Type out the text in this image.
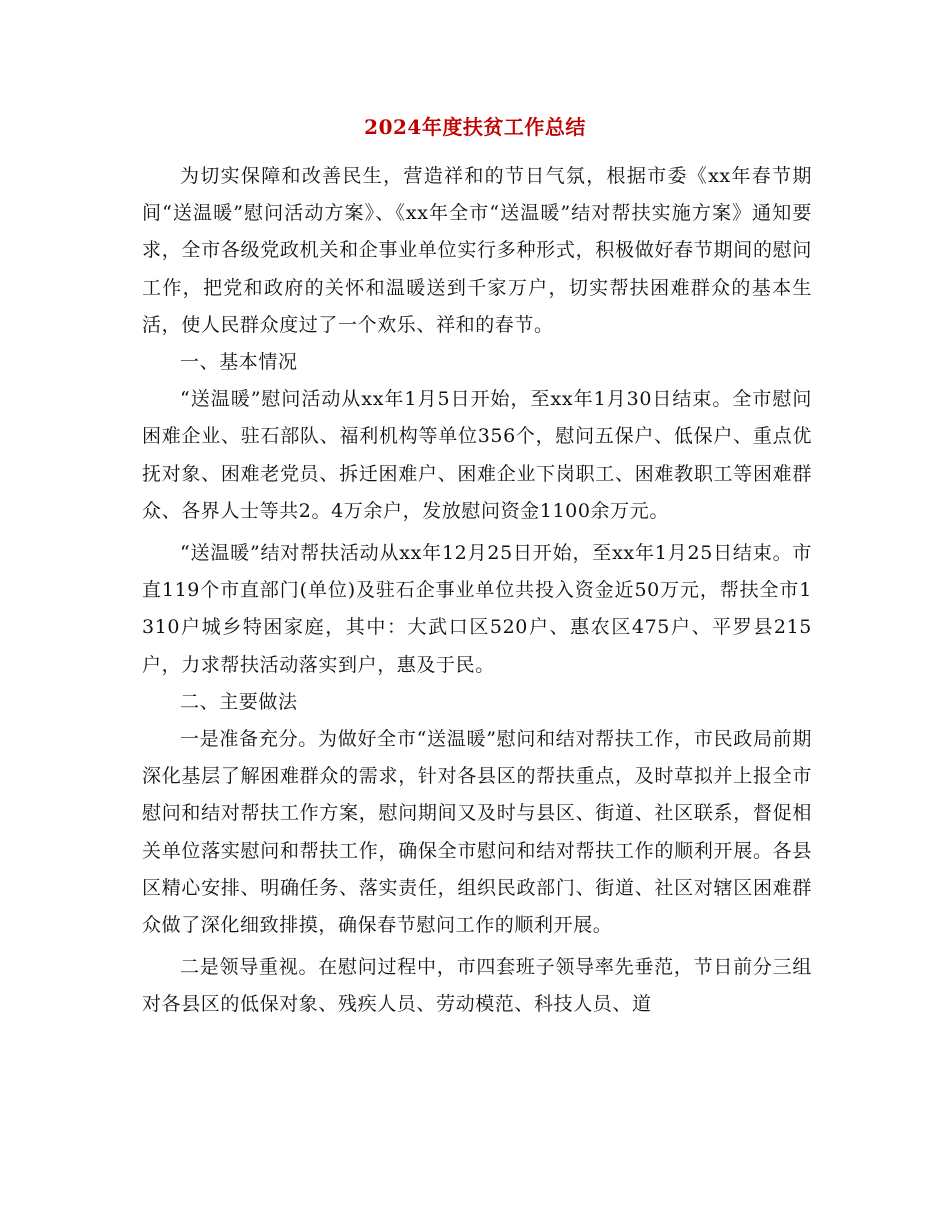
2024年度扶贫工作总结

为切实保障和改善民生，营造祥和的节日气氛，根据市委《xx年春节期间“送温暖”慰问活动方案》、《xx年全市“送温暖”结对帮扶实施方案》通知要求，全市各级党政机关和企事业单位实行多种形式，积极做好春节期间的慰问工作，把党和政府的关怀和温暖送到千家万户，切实帮扶困难群众的基本生活，使人民群众度过了一个欢乐、祥和的春节。

一、基本情况

“送温暖”慰问活动从xx年1月5日开始，至xx年1月30日结束。全市慰问困难企业、驻石部队、福利机构等单位356个，慰问五保户、低保户、重点优抚对象、困难老党员、拆迁困难户、困难企业下岗职工、困难教职工等困难群众、各界人士等共2。4万余户，发放慰问资金1100余万元。

“送温暖”结对帮扶活动从xx年12月25日开始，至xx年1月25日结束。市直119个市直部门(单位)及驻石企事业单位共投入资金近50万元，帮扶全市1310户城乡特困家庭，其中：大武口区520户、惠农区475户、平罗县215户，力求帮扶活动落实到户，惠及于民。

二、主要做法

一是准备充分。为做好全市“送温暖”慰问和结对帮扶工作，市民政局前期深化基层了解困难群众的需求，针对各县区的帮扶重点，及时草拟并上报全市慰问和结对帮扶工作方案，慰问期间又及时与县区、街道、社区联系，督促相关单位落实慰问和帮扶工作，确保全市慰问和结对帮扶工作的顺利开展。各县区精心安排、明确任务、落实责任，组织民政部门、街道、社区对辖区困难群众做了深化细致排摸，确保春节慰问工作的顺利开展。

二是领导重视。在慰问过程中，市四套班子领导率先垂范，节日前分三组对各县区的低保对象、残疾人员、劳动模范、科技人员、道
